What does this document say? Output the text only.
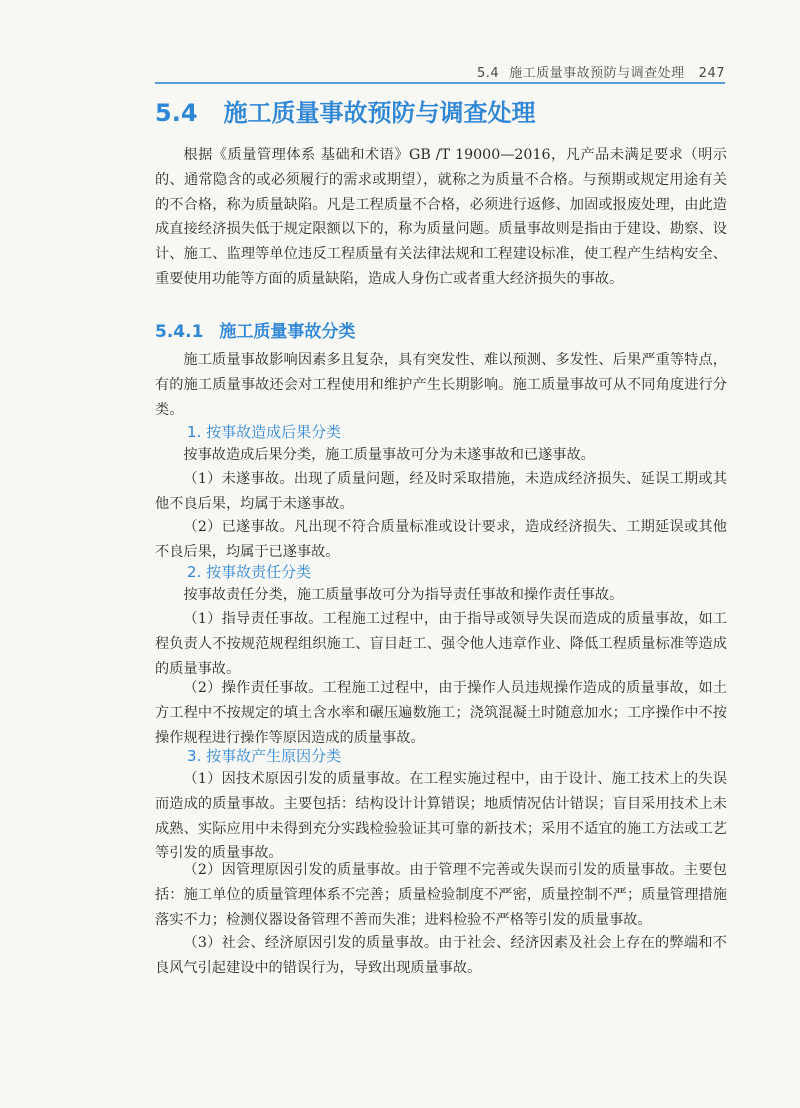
5.4 施工质量事故预防与调查处理 247
5.4 施工质量事故预防与调查处理

根据《质量管理体系 基础和术语》GB /T 19000—2016，凡产品未满足要求（明示的、通常隐含的或必须履行的需求或期望），就称之为质量不合格。与预期或规定用途有关的不合格，称为质量缺陷。凡是工程质量不合格，必须进行返修、加固或报废处理，由此造成直接经济损失低于规定限额以下的，称为质量问题。质量事故则是指由于建设、勘察、设计、施工、监理等单位违反工程质量有关法律法规和工程建设标准，使工程产生结构安全、重要使用功能等方面的质量缺陷，造成人身伤亡或者重大经济损失的事故。

5.4.1 施工质量事故分类

施工质量事故影响因素多且复杂，具有突发性、难以预测、多发性、后果严重等特点，有的施工质量事故还会对工程使用和维护产生长期影响。施工质量事故可从不同角度进行分类。

1. 按事故造成后果分类

按事故造成后果分类，施工质量事故可分为未遂事故和已遂事故。

（1）未遂事故。出现了质量问题，经及时采取措施，未造成经济损失、延误工期或其他不良后果，均属于未遂事故。

（2）已遂事故。凡出现不符合质量标准或设计要求，造成经济损失、工期延误或其他不良后果，均属于已遂事故。

2. 按事故责任分类

按事故责任分类，施工质量事故可分为指导责任事故和操作责任事故。

（1）指导责任事故。工程施工过程中，由于指导或领导失误而造成的质量事故，如工程负责人不按规范规程组织施工、盲目赶工、强令他人违章作业、降低工程质量标准等造成的质量事故。

（2）操作责任事故。工程施工过程中，由于操作人员违规操作造成的质量事故，如土方工程中不按规定的填土含水率和碾压遍数施工；浇筑混凝土时随意加水；工序操作中不按操作规程进行操作等原因造成的质量事故。

3. 按事故产生原因分类

（1）因技术原因引发的质量事故。在工程实施过程中，由于设计、施工技术上的失误而造成的质量事故。主要包括：结构设计计算错误；地质情况估计错误；盲目采用技术上未成熟、实际应用中未得到充分实践检验验证其可靠的新技术；采用不适宜的施工方法或工艺等引发的质量事故。

（2）因管理原因引发的质量事故。由于管理不完善或失误而引发的质量事故。主要包括：施工单位的质量管理体系不完善；质量检验制度不严密，质量控制不严；质量管理措施落实不力；检测仪器设备管理不善而失准；进料检验不严格等引发的质量事故。

（3）社会、经济原因引发的质量事故。由于社会、经济因素及社会上存在的弊端和不良风气引起建设中的错误行为，导致出现质量事故。
